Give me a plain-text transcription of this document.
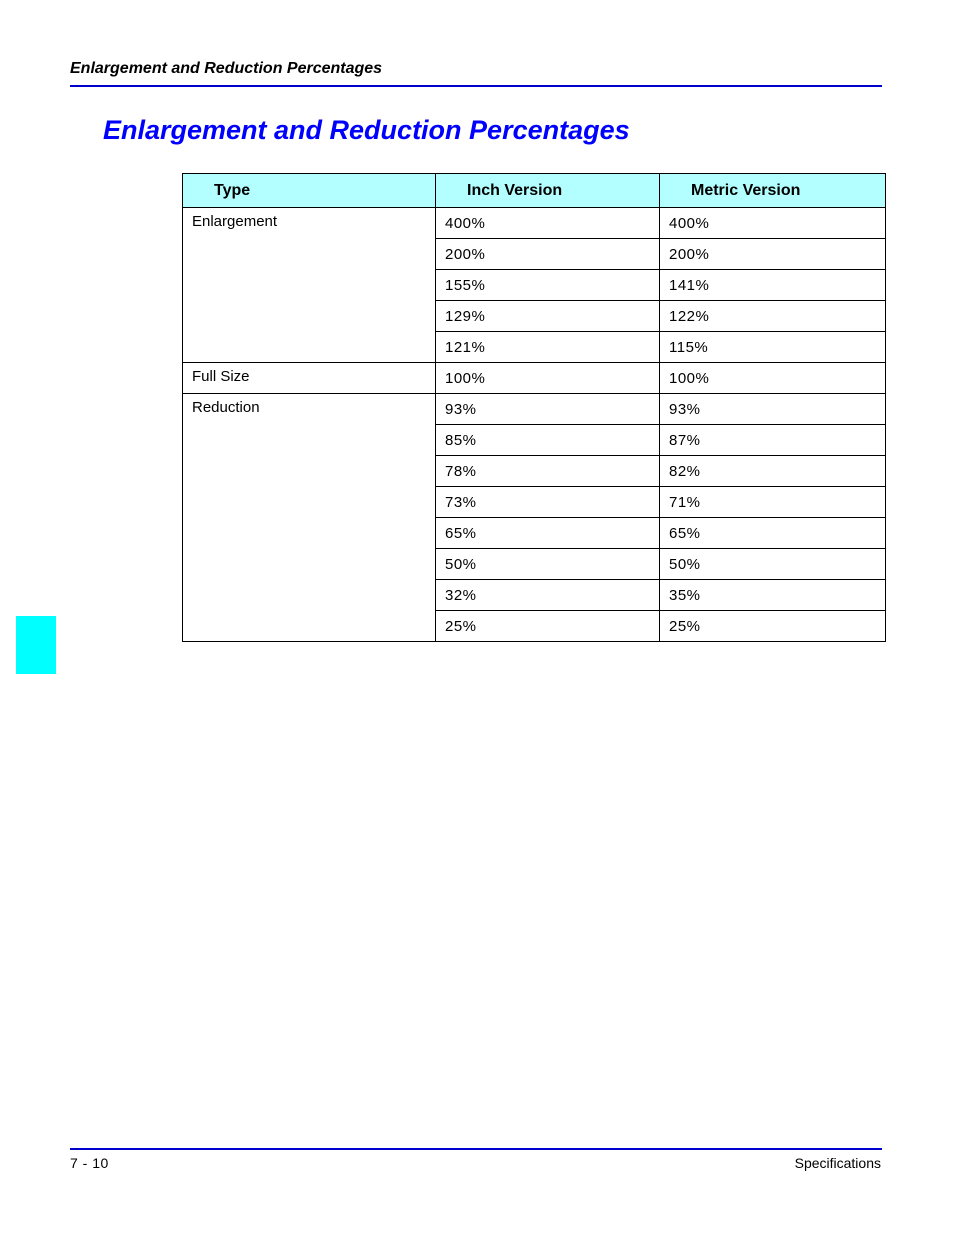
Enlargement and Reduction Percentages
Enlargement and Reduction Percentages
Type	Inch Version	Metric Version
Enlargement	400%	400%
	200%	200%
	155%	141%
	129%	122%
	121%	115%
Full Size	100%	100%
Reduction	93%	93%
	85%	87%
	78%	82%
	73%	71%
	65%	65%
	50%	50%
	32%	35%
	25%	25%
7 - 10	Specifications
